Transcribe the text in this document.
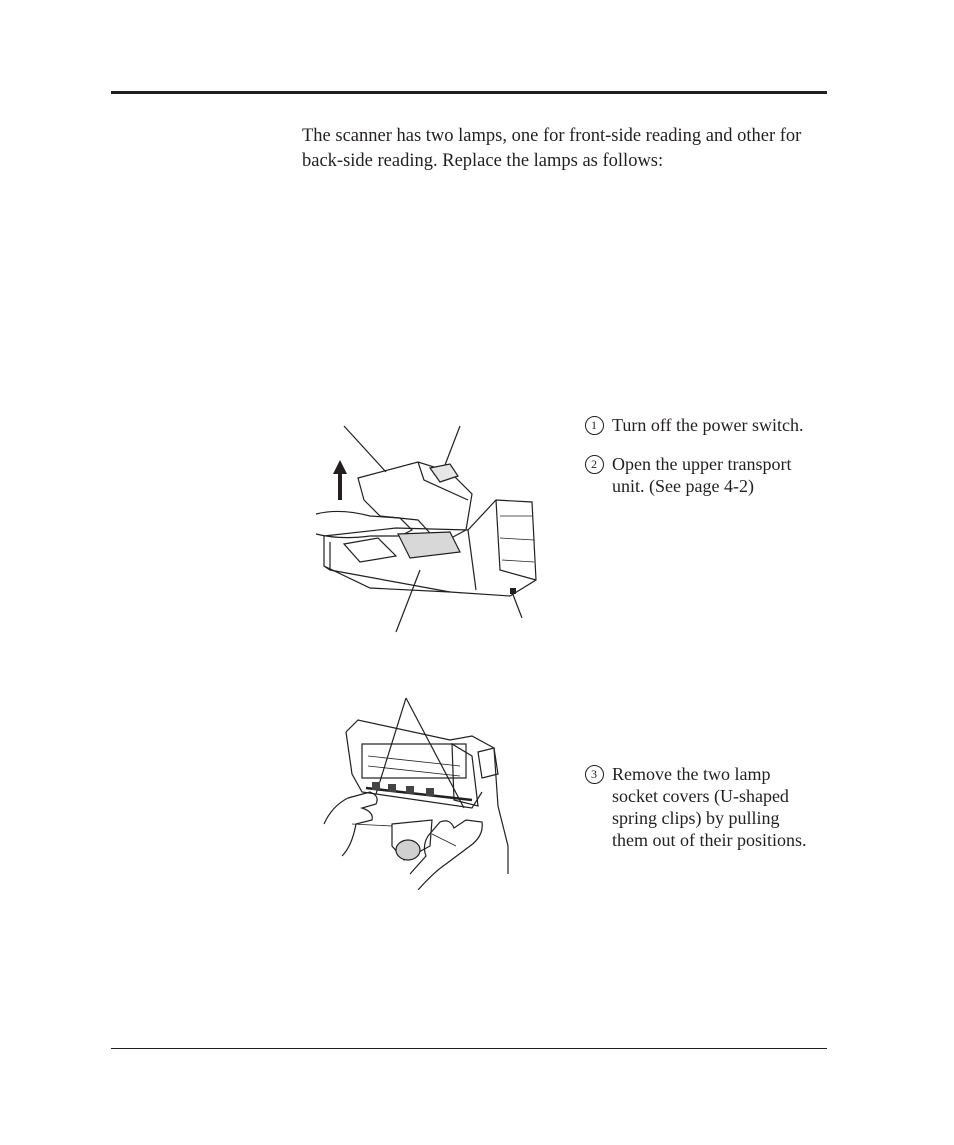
The scanner has two lamps, one for front-side reading and other for

back-side reading. Replace the lamps as follows:

1 Turn off the power switch.
2 Open the upper transport
unit. (See page 4-2)
3 Remove the two lamp
socket covers (U-shaped
spring clips) by pulling
them out of their positions.
